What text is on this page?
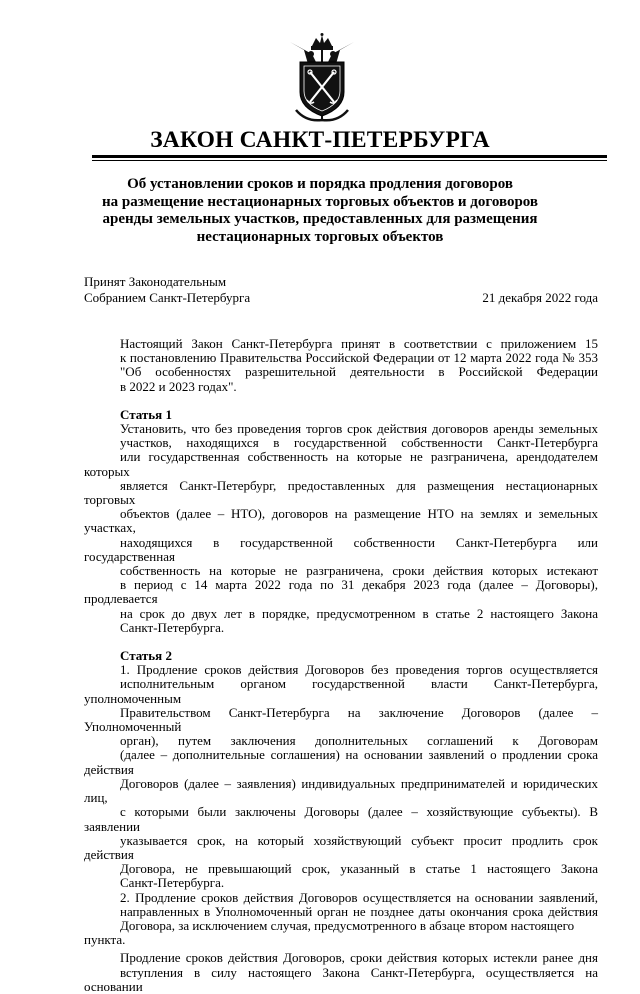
ЗАКОН САНКТ-ПЕТЕРБУРГА
Об установлении сроков и порядка продления договоров
на размещение нестационарных торговых объектов и договоров
аренды земельных участков, предоставленных для размещения
нестационарных торговых объектов
Принят Законодательным
Собранием Санкт-Петербурга	21 декабря 2022 года

Настоящий Закон Санкт-Петербурга принят в соответствии с приложением 15
к постановлению Правительства Российской Федерации от 12 марта 2022 года № 353
"Об особенностях разрешительной деятельности в Российской Федерации
в 2022 и 2023 годах".

Статья 1

Установить, что без проведения торгов срок действия договоров аренды земельных
участков, находящихся в государственной собственности Санкт-Петербурга
или государственная собственность на которые не разграничена, арендодателем которых
является Санкт-Петербург, предоставленных для размещения нестационарных торговых
объектов (далее – НТО), договоров на размещение НТО на землях и земельных участках,
находящихся в государственной собственности Санкт-Петербурга или государственная
собственность на которые не разграничена, сроки действия которых истекают
в период с 14 марта 2022 года по 31 декабря 2023 года (далее – Договоры), продлевается
на срок до двух лет в порядке, предусмотренном в статье 2 настоящего Закона
Санкт-Петербурга.

Статья 2

1. Продление сроков действия Договоров без проведения торгов осуществляется
исполнительным органом государственной власти Санкт-Петербурга, уполномоченным
Правительством Санкт-Петербурга на заключение Договоров (далее – Уполномоченный
орган), путем заключения дополнительных соглашений к Договорам
(далее – дополнительные соглашения) на основании заявлений о продлении срока действия
Договоров (далее – заявления) индивидуальных предпринимателей и юридических лиц,
с которыми были заключены Договоры (далее – хозяйствующие субъекты). В заявлении
указывается срок, на который хозяйствующий субъект просит продлить срок действия
Договора, не превышающий срок, указанный в статье 1 настоящего Закона
Санкт-Петербурга.

2. Продление сроков действия Договоров осуществляется на основании заявлений,
направленных в Уполномоченный орган не позднее даты окончания срока действия
Договора, за исключением случая, предусмотренного в абзаце втором настоящего пункта.

Продление сроков действия Договоров, сроки действия которых истекли ранее дня
вступления в силу настоящего Закона Санкт-Петербурга, осуществляется на основании
